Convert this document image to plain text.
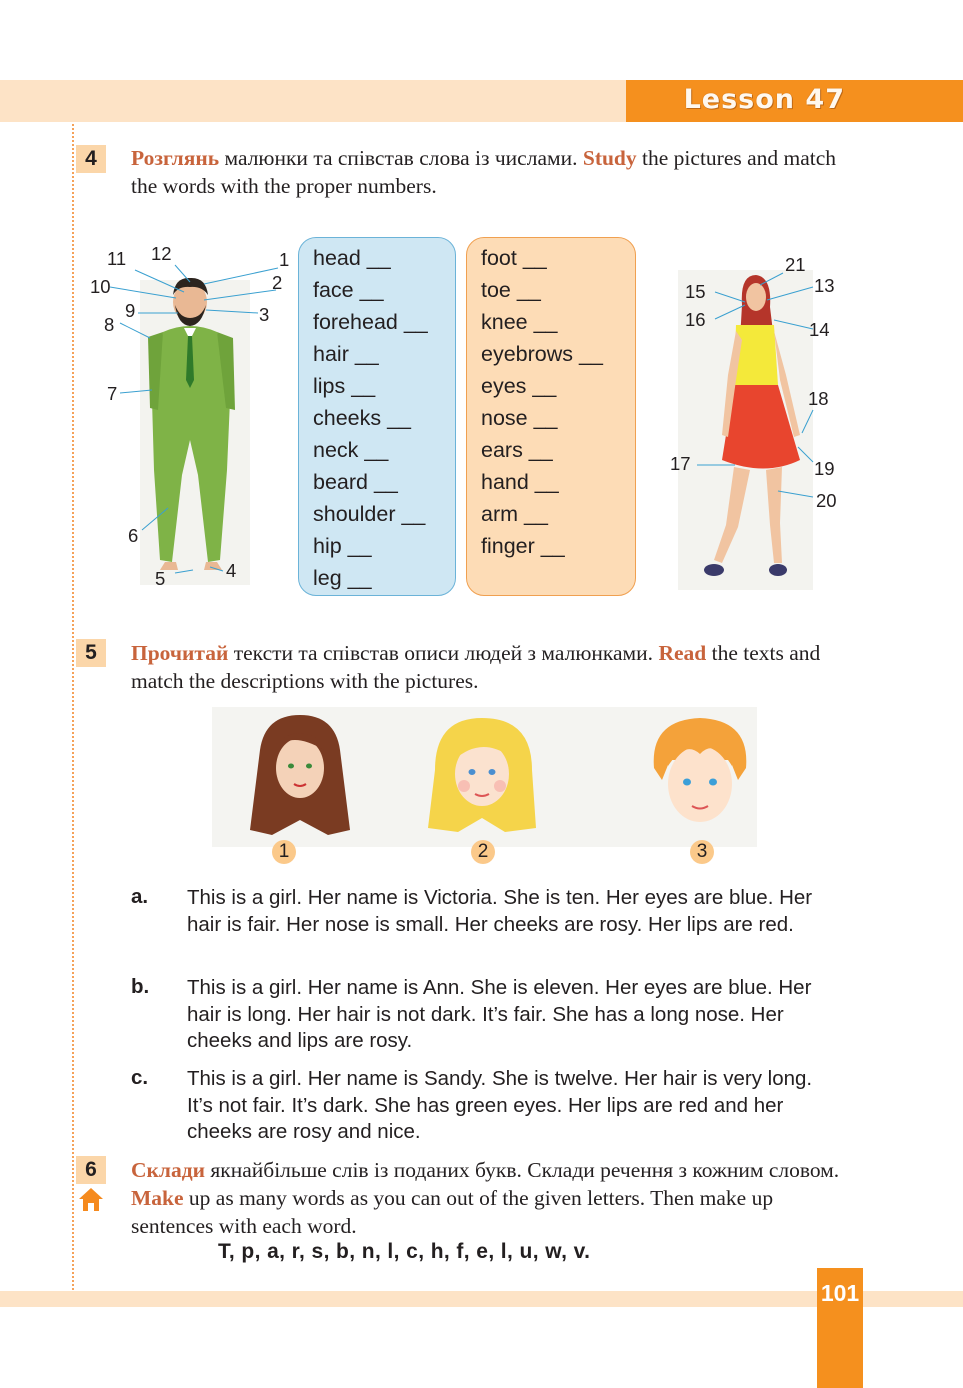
Lesson 47
4	Розглянь малюнки та співстав слова із числами. Study the pictures and match the words with the proper numbers.
11 12	1
10	2
9	3
8
7
6
5	4
head __
face __
forehead __
hair __
lips __
cheeks __
neck __
beard __
shoulder __
hip __
leg __
foot __
toe __
knee __
eyebrows __
eyes __
nose __
ears __
hand __
arm __
finger __
21
15	13
16	14
18
17	19
20
5	Прочитай тексти та співстав описи людей з малюнками. Read the texts and match the descriptions with the pictures.
1	2	3
a. This is a girl. Her name is Victoria. She is ten. Her eyes are blue. Her hair is fair. Her nose is small. Her cheeks are rosy. Her lips are red.
b. This is a girl. Her name is Ann. She is eleven. Her eyes are blue. Her hair is long. Her hair is not dark. It’s fair. She has a long nose. Her cheeks and lips are rosy.
c. This is a girl. Her name is Sandy. She is twelve. Her hair is very long. It’s not fair. It’s dark. She has green eyes. Her lips are red and her cheeks are rosy and nice.
6	Склади якнайбільше слів із поданих букв. Склади речення з кожним словом. Make up as many words as you can out of the given letters. Then make up sentences with each word.
T, p, a, r, s, b, n, l, c, h, f, e, l, u, w, v.
101
